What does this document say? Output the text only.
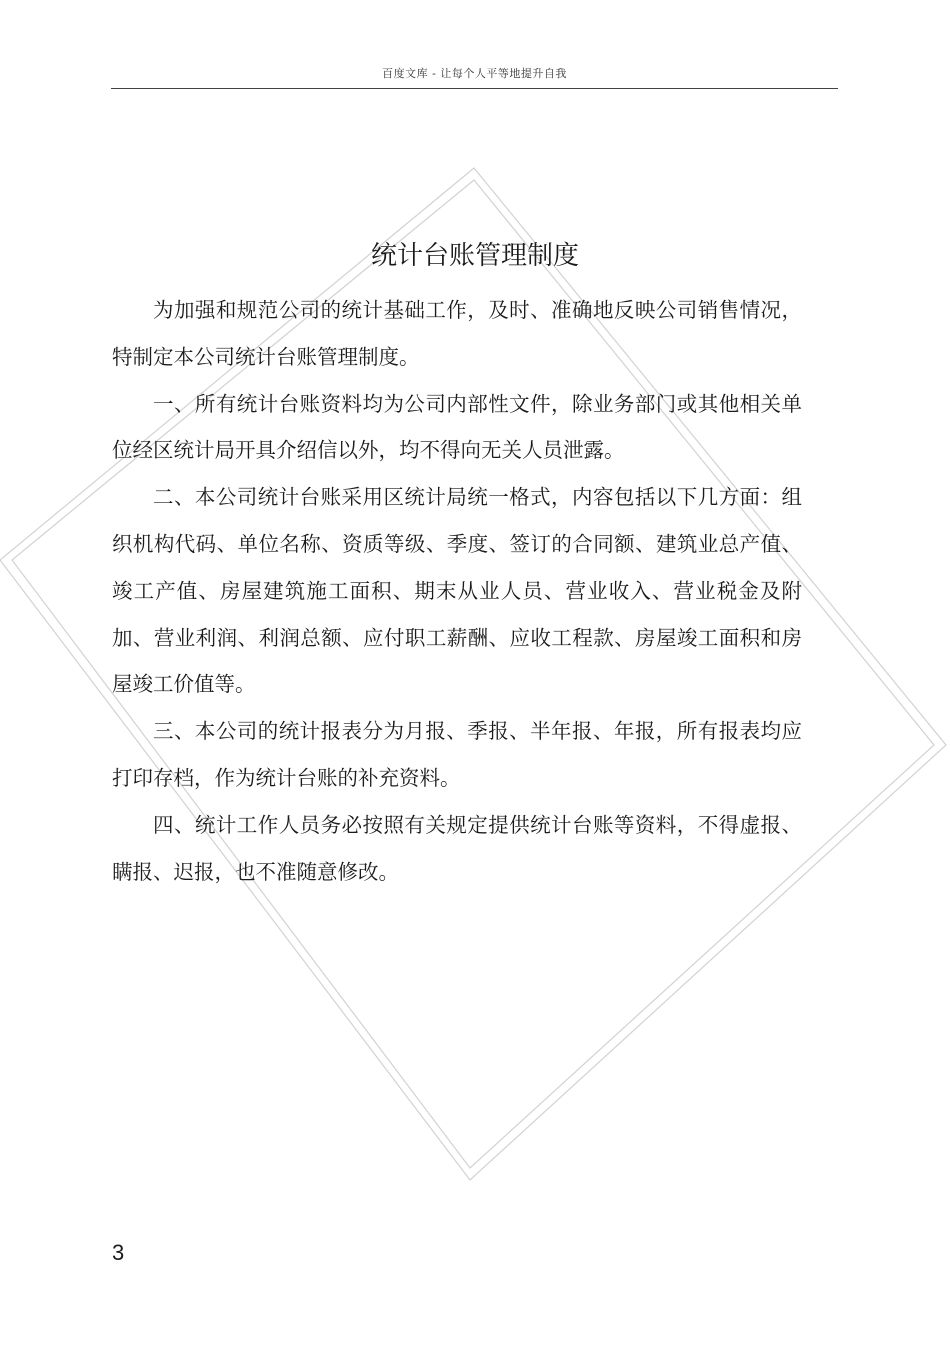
百度文库 - 让每个人平等地提升自我
统计台账管理制度

为加强和规范公司的统计基础工作，及时、准确地反映公司销售情况，特制定本公司统计台账管理制度。

一、所有统计台账资料均为公司内部性文件，除业务部门或其他相关单位经区统计局开具介绍信以外，均不得向无关人员泄露。

二、本公司统计台账采用区统计局统一格式，内容包括以下几方面：组织机构代码、单位名称、资质等级、季度、签订的合同额、建筑业总产值、竣工产值、房屋建筑施工面积、期末从业人员、营业收入、营业税金及附加、营业利润、利润总额、应付职工薪酬、应收工程款、房屋竣工面积和房屋竣工价值等。

三、本公司的统计报表分为月报、季报、半年报、年报，所有报表均应打印存档，作为统计台账的补充资料。

四、统计工作人员务必按照有关规定提供统计台账等资料，不得虚报、瞒报、迟报，也不准随意修改。

3
